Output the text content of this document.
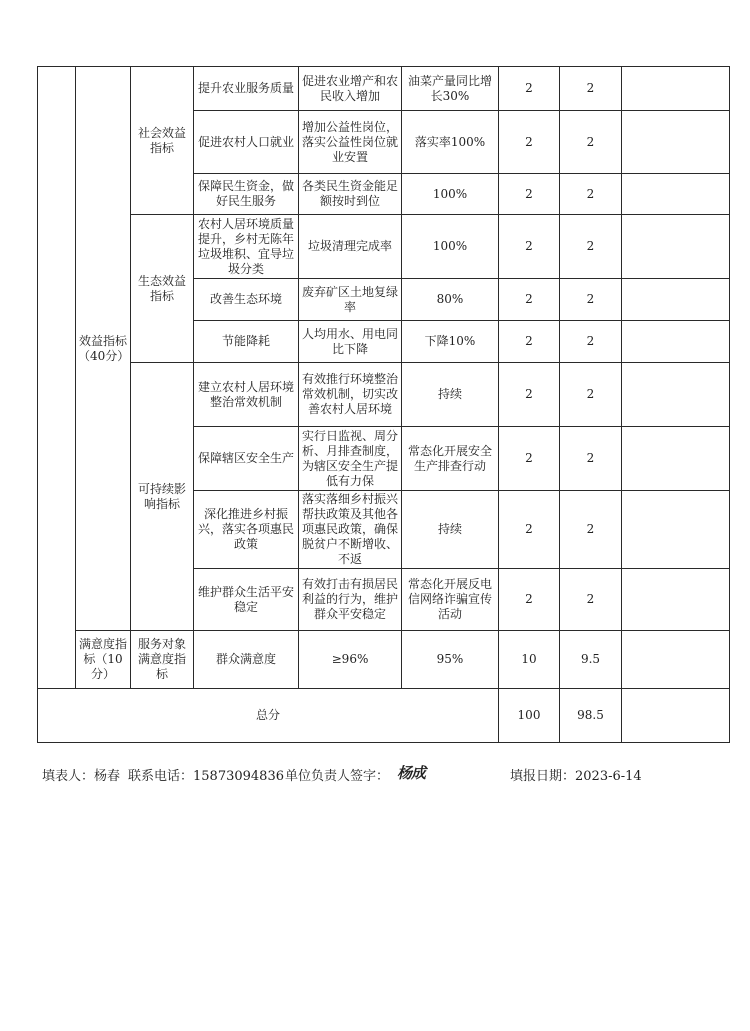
	效益指标（40分）	社会效益指标	提升农业服务质量	促进农业增产和农民收入增加	油菜产量同比增长30%	2	2	
			促进农村人口就业	增加公益性岗位，落实公益性岗位就业安置	落实率100%	2	2	
			保障民生资金，做好民生服务	各类民生资金能足额按时到位	100%	2	2	
		生态效益指标	农村人居环境质量提升，乡村无陈年垃圾堆积、宜导垃圾分类	垃圾清理完成率	100%	2	2	
			改善生态环境	废弃矿区土地复绿率	80%	2	2	
			节能降耗	人均用水、用电同比下降	下降10%	2	2	
		可持续影响指标	建立农村人居环境整治常效机制	有效推行环境整治常效机制，切实改善农村人居环境	持续	2	2	
			保障辖区安全生产	实行日监视、周分析、月排查制度，为辖区安全生产提低有力保	常态化开展安全生产排查行动	2	2	
			深化推进乡村振兴，落实各项惠民政策	落实落细乡村振兴帮扶政策及其他各项惠民政策，确保脱贫户不断增收、不返	持续	2	2	
			维护群众生活平安稳定	有效打击有损居民利益的行为，维护群众平安稳定	常态化开展反电信网络诈骗宣传活动	2	2	
	满意度指标（10分）	服务对象满意度指标	群众满意度	≥96%	95%	10	9.5	
总分						100	98.5	
填表人：杨春 联系电话：15873094836 单位负责人签字： 杨成	填报日期：2023-6-14
